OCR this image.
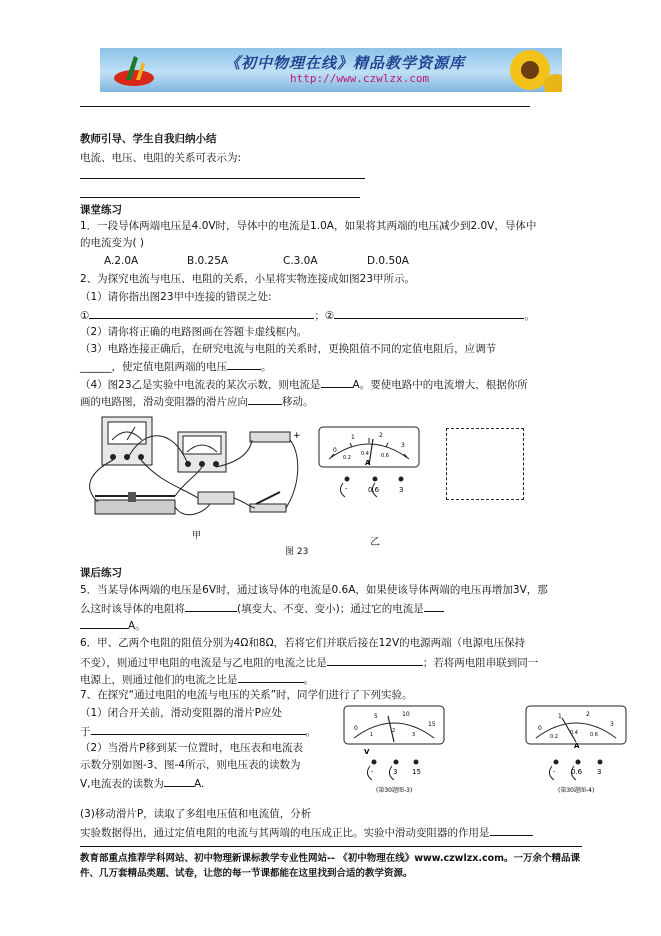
《初中物理在线》精品教学资源库
http://www.czwlzx.com
教师引导、学生自我归纳小结
电流、电压、电阻的关系可表示为:
课堂练习
1．一段导体两端电压是4.0V时，导体中的电流是1.0A，如果将其两端的电压减少到2.0V，导体中
的电流变为( )
A.2.0A	B.0.25A	C.3.0A	D.0.50A
2、为探究电流与电压、电阻的关系，小星将实物连接成如图23甲所示。
（1）请你指出图23甲中连接的错误之处:
①	；②	。
（2）请你将正确的电路图画在答题卡虚线框内。
（3）电路连接正确后，在研究电流与电阻的关系时，更换阻值不同的定值电阻后，应调节
______，使定值电阻两端的电压	。
（4）图23乙是实验中电流表的某次示数，则电流是	A。要使电路中的电流增大，根据你所
画的电路图，滑动变阻器的滑片应向	移动。
+
甲
0
1	2
3
0.2
0.4 0.6
A
-	0.6	3
乙
图 23
课后练习
5．当某导体两端的电压是6V时，通过该导体的电流是0.6A，如果使该导体两端的电压再增加3V，那
么这时该导体的电阻将	(填变大、不变、变小)；通过它的电流是
A。
6．甲、乙两个电阻的阻值分别为4Ω和8Ω，若将它们并联后接在12V的电源两端（电源电压保持
不变），则通过甲电阻的电流是与乙电阻的电流之比是	；若将两电阻串联到同一
电源上，则通过他们的电流之比是	。
7、在探究“通过电阻的电流与电压的关系”时，同学们进行了下列实验。
（1）闭合开关前，滑动变阻器的滑片P应处
于	。
（2）当滑片P移到某一位置时，电压表和电流表
示数分别如图-3、图-4所示，则电压表的读数为
V,电流表的读数为	A.
(3)移动滑片P，读取了多组电压值和电流值，分析
实验数据得出，通过定值电阻的电流与其两端的电压成正比。实验中滑动变阻器的作用是
0
5	10
15
1
2
3
V
-	3 15
(第30题图-3)
0
1	2
3
0.2
0.4 0.6
A
- 0.6 3
(第30题图-4)
教育部重点推荐学科网站、初中物理新课标教学专业性网站-- 《初中物理在线》www.czwlzx.com。一万余个精品课
件、几万套精品类题、试卷，让您的每一节课都能在这里找到合适的教学资源。
